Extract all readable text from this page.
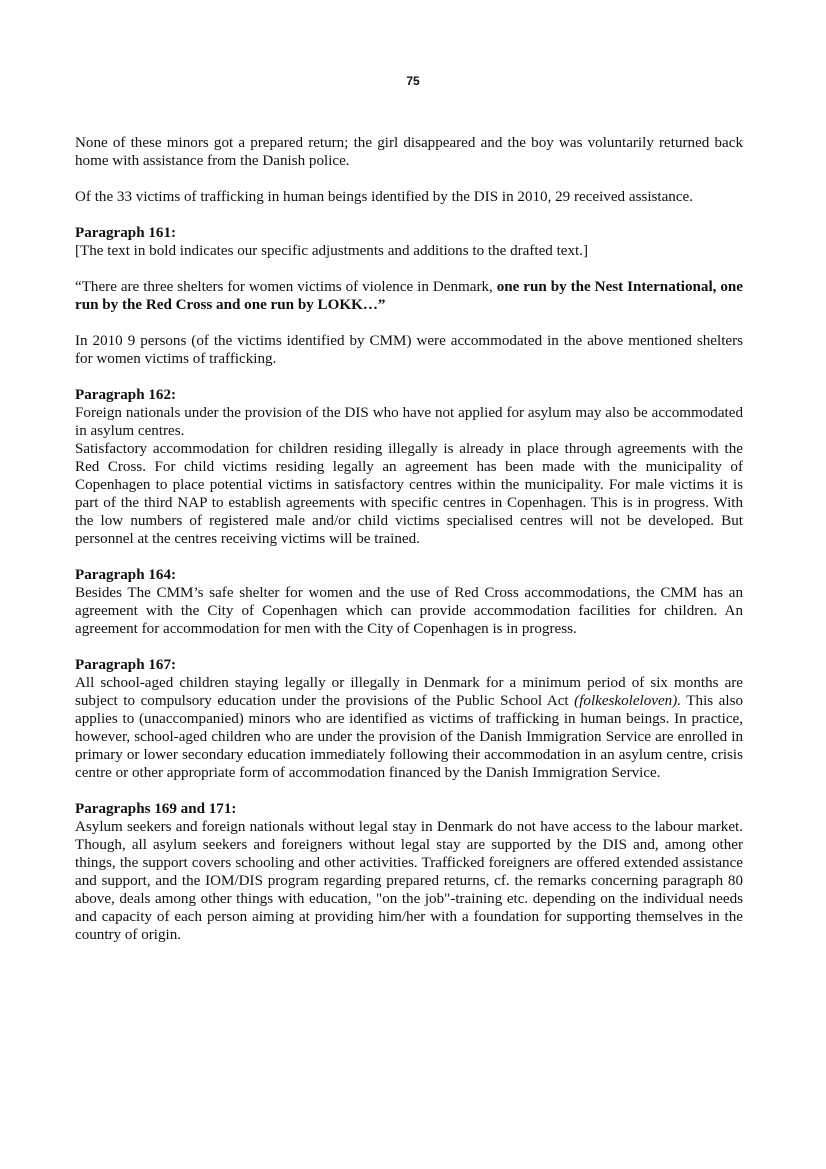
75

None of these minors got a prepared return; the girl disappeared and the boy was voluntarily returned back home with assistance from the Danish police.

Of the 33 victims of trafficking in human beings identified by the DIS in 2010, 29 received assistance.

Paragraph 161:

[The text in bold indicates our specific adjustments and additions to the drafted text.]

“There are three shelters for women victims of violence in Denmark, one run by the Nest International, one run by the Red Cross and one run by LOKK…”

In 2010 9 persons (of the victims identified by CMM) were accommodated in the above mentioned shelters for women victims of trafficking.

Paragraph 162:

Foreign nationals under the provision of the DIS who have not applied for asylum may also be accommodated in asylum centres.

Satisfactory accommodation for children residing illegally is already in place through agreements with the Red Cross. For child victims residing legally an agreement has been made with the municipality of Copenhagen to place potential victims in satisfactory centres within the municipality. For male victims it is part of the third NAP to establish agreements with specific centres in Copenhagen. This is in progress. With the low numbers of registered male and/or child victims specialised centres will not be developed. But personnel at the centres receiving victims will be trained.

Paragraph 164:

Besides The CMM’s safe shelter for women and the use of Red Cross accommodations, the CMM has an agreement with the City of Copenhagen which can provide accommodation facilities for children. An agreement for accommodation for men with the City of Copenhagen is in progress.

Paragraph 167:

All school-aged children staying legally or illegally in Denmark for a minimum period of six months are subject to compulsory education under the provisions of the Public School Act (folkeskoleloven). This also applies to (unaccompanied) minors who are identified as victims of trafficking in human beings. In practice, however, school-aged children who are under the provision of the Danish Immigration Service are enrolled in primary or lower secondary education immediately following their accommodation in an asylum centre, crisis centre or other appropriate form of accommodation financed by the Danish Immigration Service.

Paragraphs 169 and 171:

Asylum seekers and foreign nationals without legal stay in Denmark do not have access to the labour market. Though, all asylum seekers and foreigners without legal stay are supported by the DIS and, among other things, the support covers schooling and other activities. Trafficked foreigners are offered extended assistance and support, and the IOM/DIS program regarding prepared returns, cf. the remarks concerning paragraph 80 above, deals among other things with education, "on the job"-training etc. depending on the individual needs and capacity of each person aiming at providing him/her with a foundation for supporting themselves in the country of origin.
